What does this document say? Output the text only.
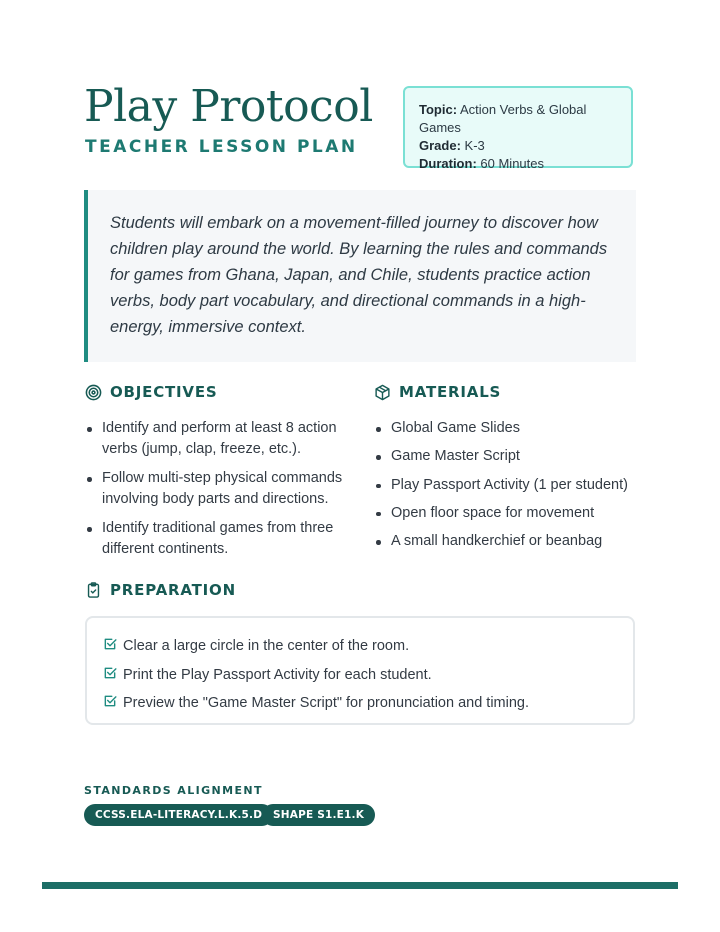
Play Protocol
TEACHER LESSON PLAN
Topic: Action Verbs & Global Games
Grade: K-3
Duration: 60 Minutes

Students will embark on a movement-filled journey to discover how children play around the world. By learning the rules and commands for games from Ghana, Japan, and Chile, students practice action verbs, body part vocabulary, and directional commands in a high-energy, immersive context.

OBJECTIVES
Identify and perform at least 8 action verbs (jump, clap, freeze, etc.).
Follow multi-step physical commands involving body parts and directions.
Identify traditional games from three different continents.
MATERIALS
Global Game Slides
Game Master Script
Play Passport Activity (1 per student)
Open floor space for movement
A small handkerchief or beanbag
PREPARATION
Clear a large circle in the center of the room.
Print the Play Passport Activity for each student.
Preview the "Game Master Script" for pronunciation and timing.
STANDARDS ALIGNMENT
CCSS.ELA-LITERACY.L.K.5.D	SHAPE S1.E1.K
